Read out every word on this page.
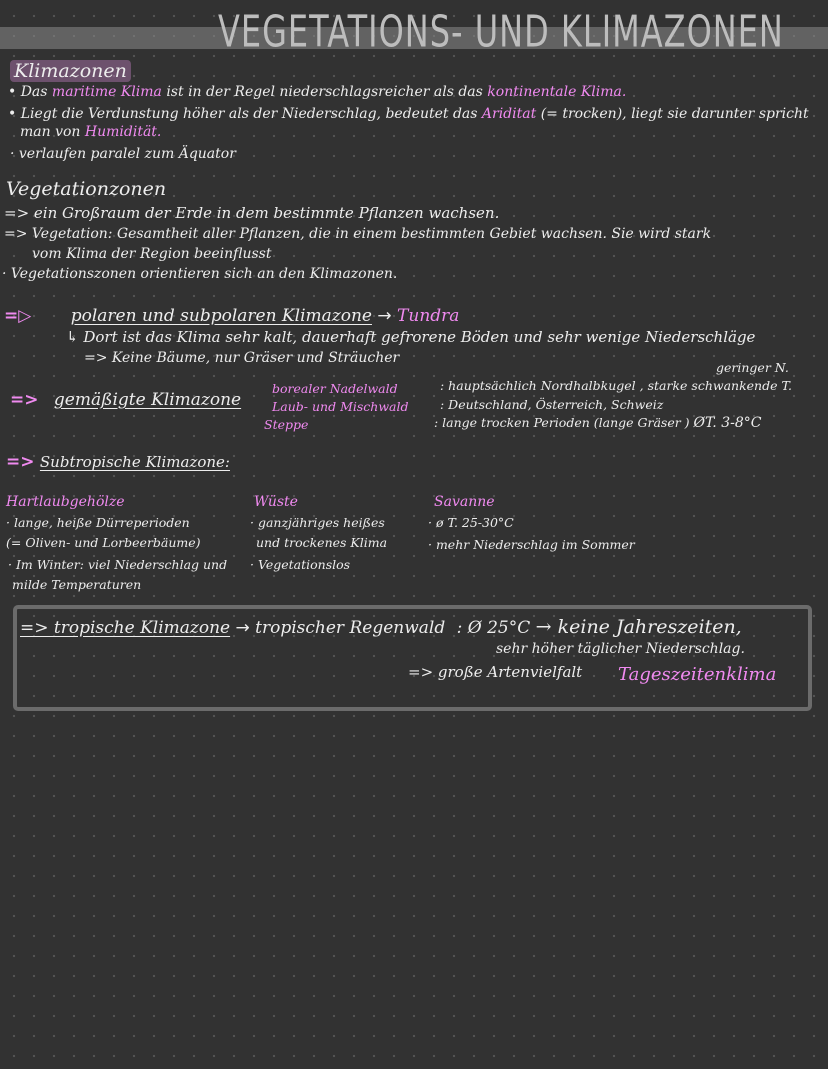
VEGETATIONS- UND KLIMAZONEN
Klimazonen
• Das maritime Klima ist in der Regel niederschlagsreicher als das kontinentale Klima.
• Liegt die Verdunstung höher als der Niederschlag, bedeutet das Ariditat (= trocken), liegt sie darunter spricht
man von Humidität.
· verlaufen paralel zum Äquator
Vegetationzonen
=> ein Großraum der Erde in dem bestimmte Pflanzen wachsen.
=> Vegetation: Gesamtheit aller Pflanzen, die in einem bestimmten Gebiet wachsen. Sie wird stark
vom Klima der Region beeinflusst
· Vegetationszonen orientieren sich an den Klimazonen.
=▷ polaren und subpolaren Klimazone → Tundra
↳ Dort ist das Klima sehr kalt, dauerhaft gefrorene Böden und sehr wenige Niederschläge
=> Keine Bäume, nur Gräser und Sträucher
geringer N.
=> gemäßigte Klimazone
borealer Nadelwald
Laub- und Mischwald
Steppe
: hauptsächlich Nordhalbkugel , starke schwankende T.
: Deutschland, Österreich, Schweiz
: lange trocken Perioden (lange Gräser ) ØT. 3-8°C
=> Subtropische Klimazone:
Hartlaubgehölze
· lange, heiße Dürreperioden
(= Oliven- und Lorbeerbäume)
· Im Winter: viel Niederschlag und
milde Temperaturen
Wüste
· ganzjähriges heißes
und trockenes Klima
· Vegetationslos
Savanne
· ø T. 25-30°C
· mehr Niederschlag im Sommer
=> tropische Klimazone → tropischer Regenwald : Ø 25°C → keine Jahreszeiten,
sehr höher täglicher Niederschlag.
=> große Artenvielfalt Tageszeitenklima
